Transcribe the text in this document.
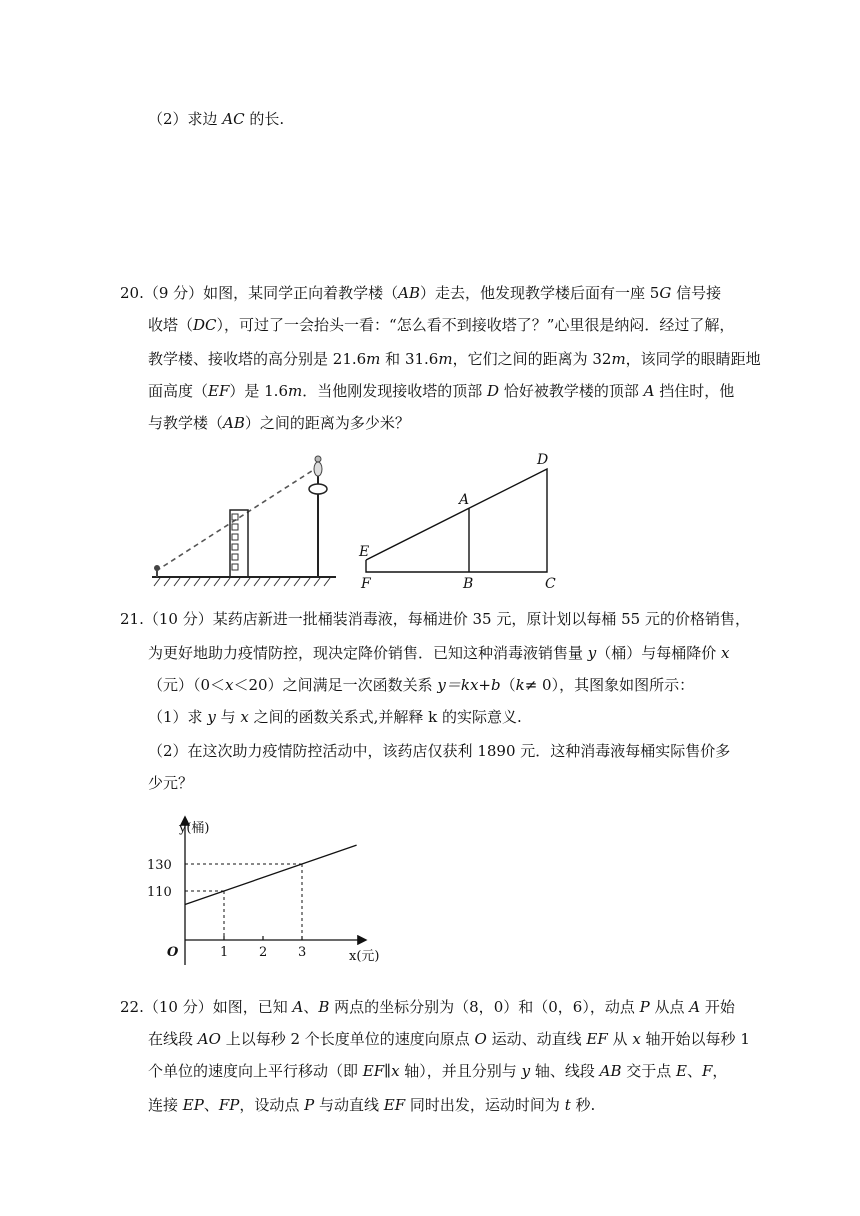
（2）求边 AC 的长.
20.（9 分）如图，某同学正向着教学楼（AB）走去，他发现教学楼后面有一座 5G 信号接
收塔（DC），可过了一会抬头一看：“怎么看不到接收塔了？”心里很是纳闷．经过了解，
教学楼、接收塔的高分别是 21.6m 和 31.6m，它们之间的距离为 32m，该同学的眼睛距地
面高度（EF）是 1.6m．当他刚发现接收塔的顶部 D 恰好被教学楼的顶部 A 挡住时，他
与教学楼（AB）之间的距离为多少米？
D
A
E
F	B	C
21.（10 分）某药店新进一批桶装消毒液，每桶进价 35 元，原计划以每桶 55 元的价格销售，
为更好地助力疫情防控，现决定降价销售．已知这种消毒液销售量 y（桶）与每桶降价 x
（元）（0＜x＜20）之间满足一次函数关系 y＝kx+b（k≠ 0），其图象如图所示：
（1）求 y 与 x 之间的函数关系式,并解释 k 的实际意义.
（2）在这次助力疫情防控活动中，该药店仅获利 1890 元．这种消毒液每桶实际售价多
少元？
1 2 3
110
130
y(桶)
x(元)
O
22.（10 分）如图，已知 A、B 两点的坐标分别为（8，0）和（0，6），动点 P 从点 A 开始
在线段 AO 上以每秒 2 个长度单位的速度向原点 O 运动、动直线 EF 从 x 轴开始以每秒 1
个单位的速度向上平行移动（即 EF∥x 轴），并且分别与 y 轴、线段 AB 交于点 E、F，
连接 EP、FP，设动点 P 与动直线 EF 同时出发，运动时间为 t 秒.
